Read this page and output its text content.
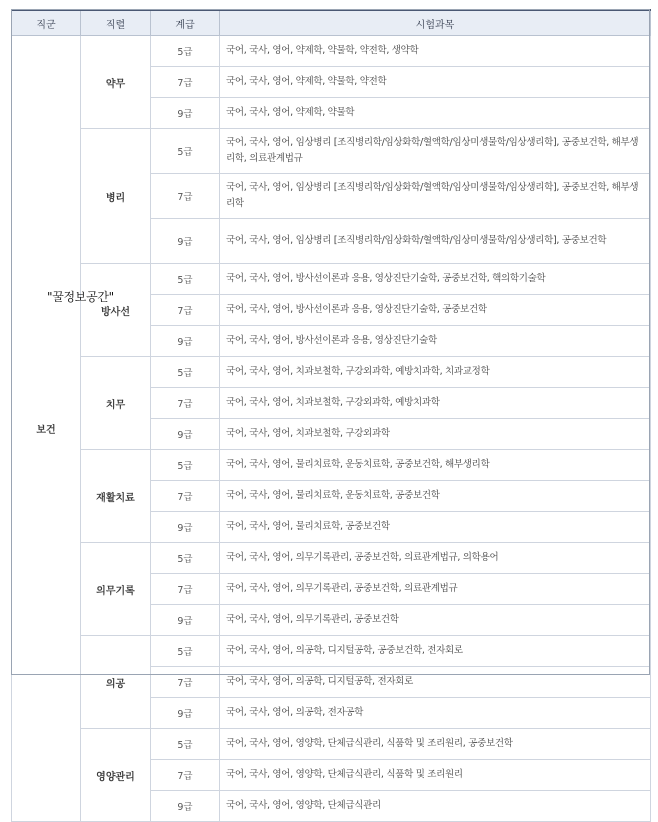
직군	직렬	계급	시험과목
보건	약무	5급	국어, 국사, 영어, 약제학, 약물학, 약전학, 생약학
		7급	국어, 국사, 영어, 약제학, 약물학, 약전학
		9급	국어, 국사, 영어, 약제학, 약물학
	병리	5급	국어, 국사, 영어, 임상병리 [조직병리학/임상화학/혈액학/임상미생물학/임상생리학], 공중보건학, 해부생리학, 의료관계법규
		7급	국어, 국사, 영어, 임상병리 [조직병리학/임상화학/혈액학/임상미생물학/임상생리학], 공중보건학, 해부생리학
		9급	국어, 국사, 영어, 임상병리 [조직병리학/임상화학/혈액학/임상미생물학/임상생리학], 공중보건학
	방사선	5급	국어, 국사, 영어, 방사선이론과 응용, 영상진단기술학, 공중보건학, 핵의학기술학
		7급	국어, 국사, 영어, 방사선이론과 응용, 영상진단기술학, 공중보건학
		9급	국어, 국사, 영어, 방사선이론과 응용, 영상진단기술학
	치무	5급	국어, 국사, 영어, 치과보철학, 구강외과학, 예방치과학, 치과교정학
		7급	국어, 국사, 영어, 치과보철학, 구강외과학, 예방치과학
		9급	국어, 국사, 영어, 치과보철학, 구강외과학
	재활치료	5급	국어, 국사, 영어, 물리치료학, 운동치료학, 공중보건학, 해부생리학
		7급	국어, 국사, 영어, 물리치료학, 운동치료학, 공중보건학
		9급	국어, 국사, 영어, 물리치료학, 공중보건학
	의무기록	5급	국어, 국사, 영어, 의무기록관리, 공중보건학, 의료관계법규, 의학용어
		7급	국어, 국사, 영어, 의무기록관리, 공중보건학, 의료관계법규
		9급	국어, 국사, 영어, 의무기록관리, 공중보건학
	의공	5급	국어, 국사, 영어, 의공학, 디지털공학, 공중보건학, 전자회로
		7급	국어, 국사, 영어, 의공학, 디지털공학, 전자회로
		9급	국어, 국사, 영어, 의공학, 전자공학
	영양관리	5급	국어, 국사, 영어, 영양학, 단체급식관리, 식품학 및 조리원리, 공중보건학
		7급	국어, 국사, 영어, 영양학, 단체급식관리, 식품학 및 조리원리
		9급	국어, 국사, 영어, 영양학, 단체급식관리
"꿀정보공간"
